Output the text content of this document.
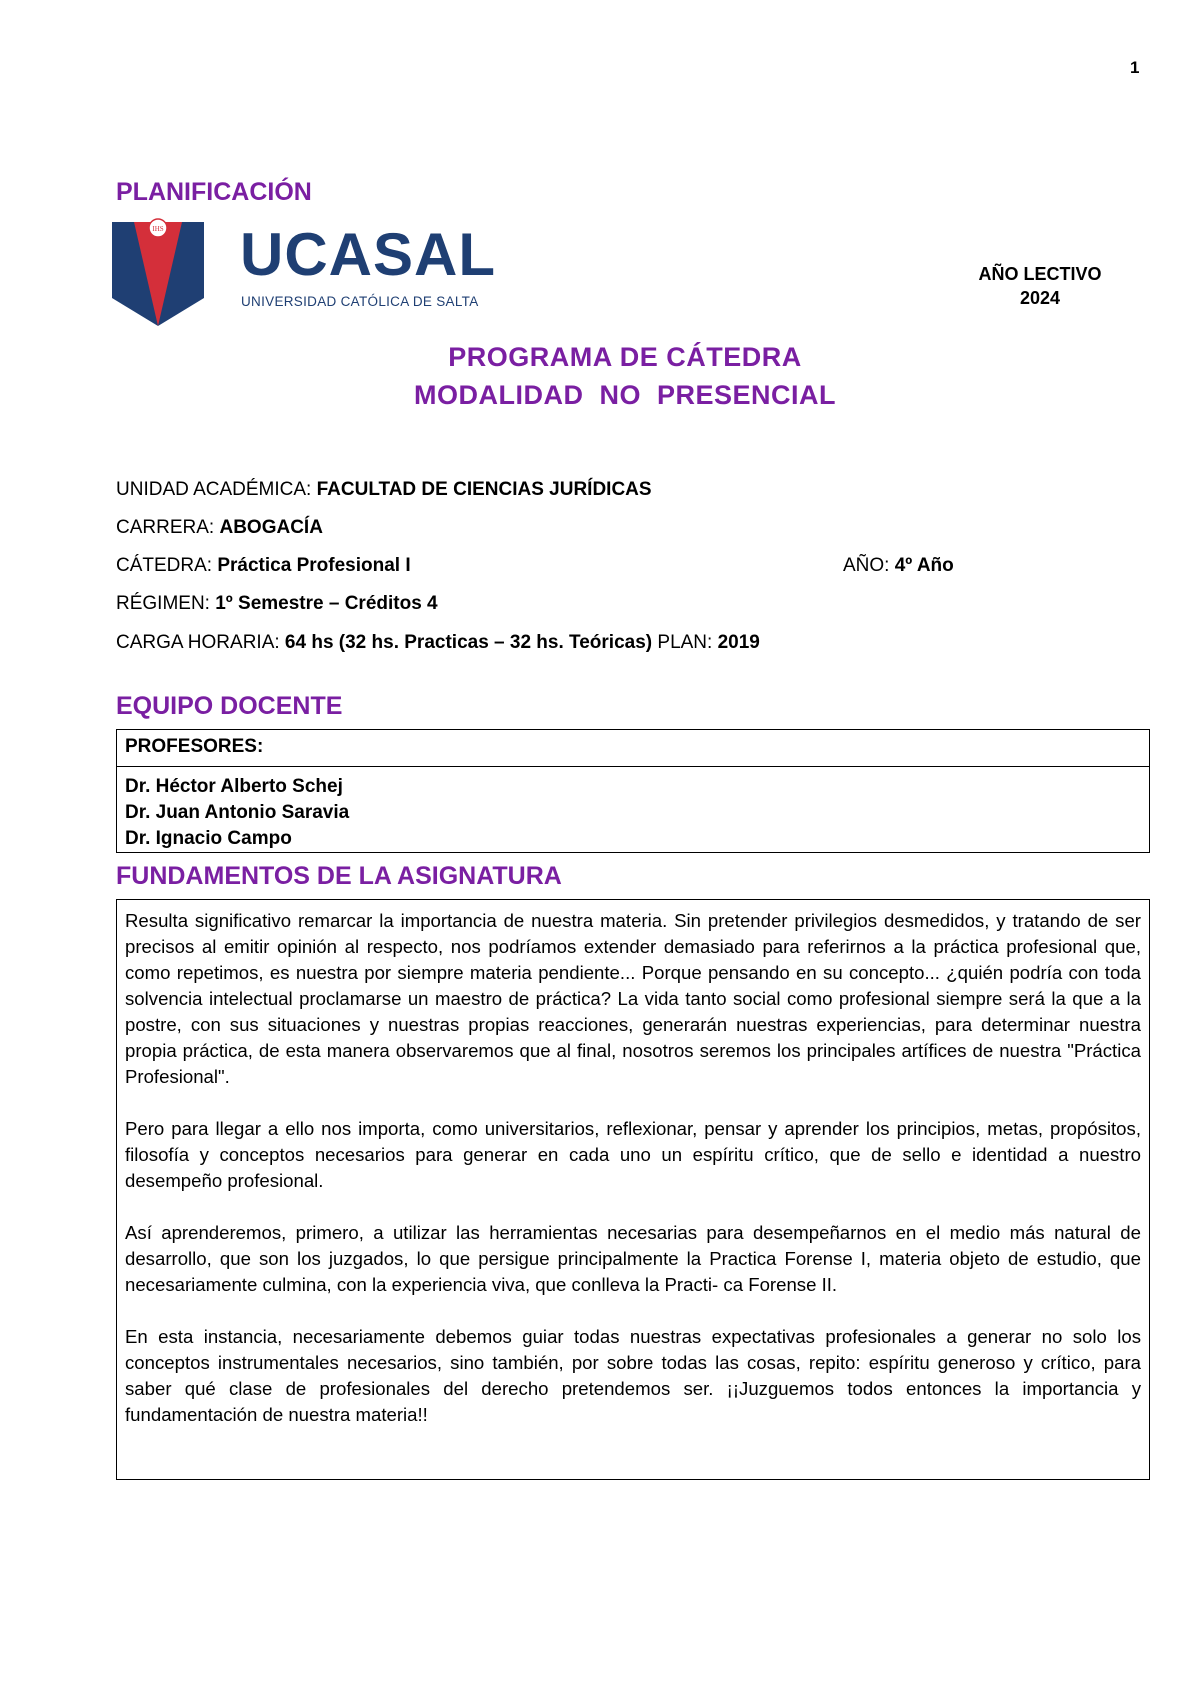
1
PLANIFICACIÓN
IHS UCASAL
UNIVERSIDAD CATÓLICA DE SALTA
AÑO LECTIVO
2024
PROGRAMA DE CÁTEDRA
MODALIDAD  NO  PRESENCIAL
UNIDAD ACADÉMICA: FACULTAD DE CIENCIAS JURÍDICAS
CARRERA: ABOGACÍA
CÁTEDRA: Práctica Profesional I	AÑO: 4º Año
RÉGIMEN: 1º Semestre – Créditos 4
CARGA HORARIA: 64 hs (32 hs. Practicas – 32 hs. Teóricas) PLAN: 2019
EQUIPO DOCENTE
PROFESORES:
Dr. Héctor Alberto Schej
Dr. Juan Antonio Saravia
Dr. Ignacio Campo
FUNDAMENTOS DE LA ASIGNATURA

Resulta significativo remarcar la importancia de nuestra materia. Sin pretender privilegios desmedidos, y tratando de ser precisos al emitir opinión al respecto, nos podríamos extender demasiado para referirnos a la práctica profesional que, como repetimos, es nuestra por siempre materia pendiente... Porque pensando en su concepto... ¿quién podría con toda solvencia intelectual proclamarse un maestro de práctica? La vida tanto social como profesional siempre será la que a la postre, con sus situaciones y nuestras propias reacciones, generarán nuestras experiencias, para determinar nuestra propia práctica, de esta manera observaremos que al final, nosotros seremos los principales artífices de nuestra "Práctica Profesional".

Pero para llegar a ello nos importa, como universitarios, reflexionar, pensar y aprender los principios, metas, propósitos, filosofía y conceptos necesarios para generar en cada uno un espíritu crítico, que de sello e identidad a nuestro desempeño profesional.

Así aprenderemos, primero, a utilizar las herramientas necesarias para desempeñarnos en el medio más natural de desarrollo, que son los juzgados, lo que persigue principalmente la Practica Forense I, materia objeto de estudio, que necesariamente culmina, con la experiencia viva, que conlleva la Practi- ca Forense II.

En esta instancia, necesariamente debemos guiar todas nuestras expectativas profesionales a generar no solo los conceptos instrumentales necesarios, sino también, por sobre todas las cosas, repito: espíritu generoso y crítico, para saber qué clase de profesionales del derecho pretendemos ser. ¡¡Juzguemos todos entonces la importancia y fundamentación de nuestra materia!!
